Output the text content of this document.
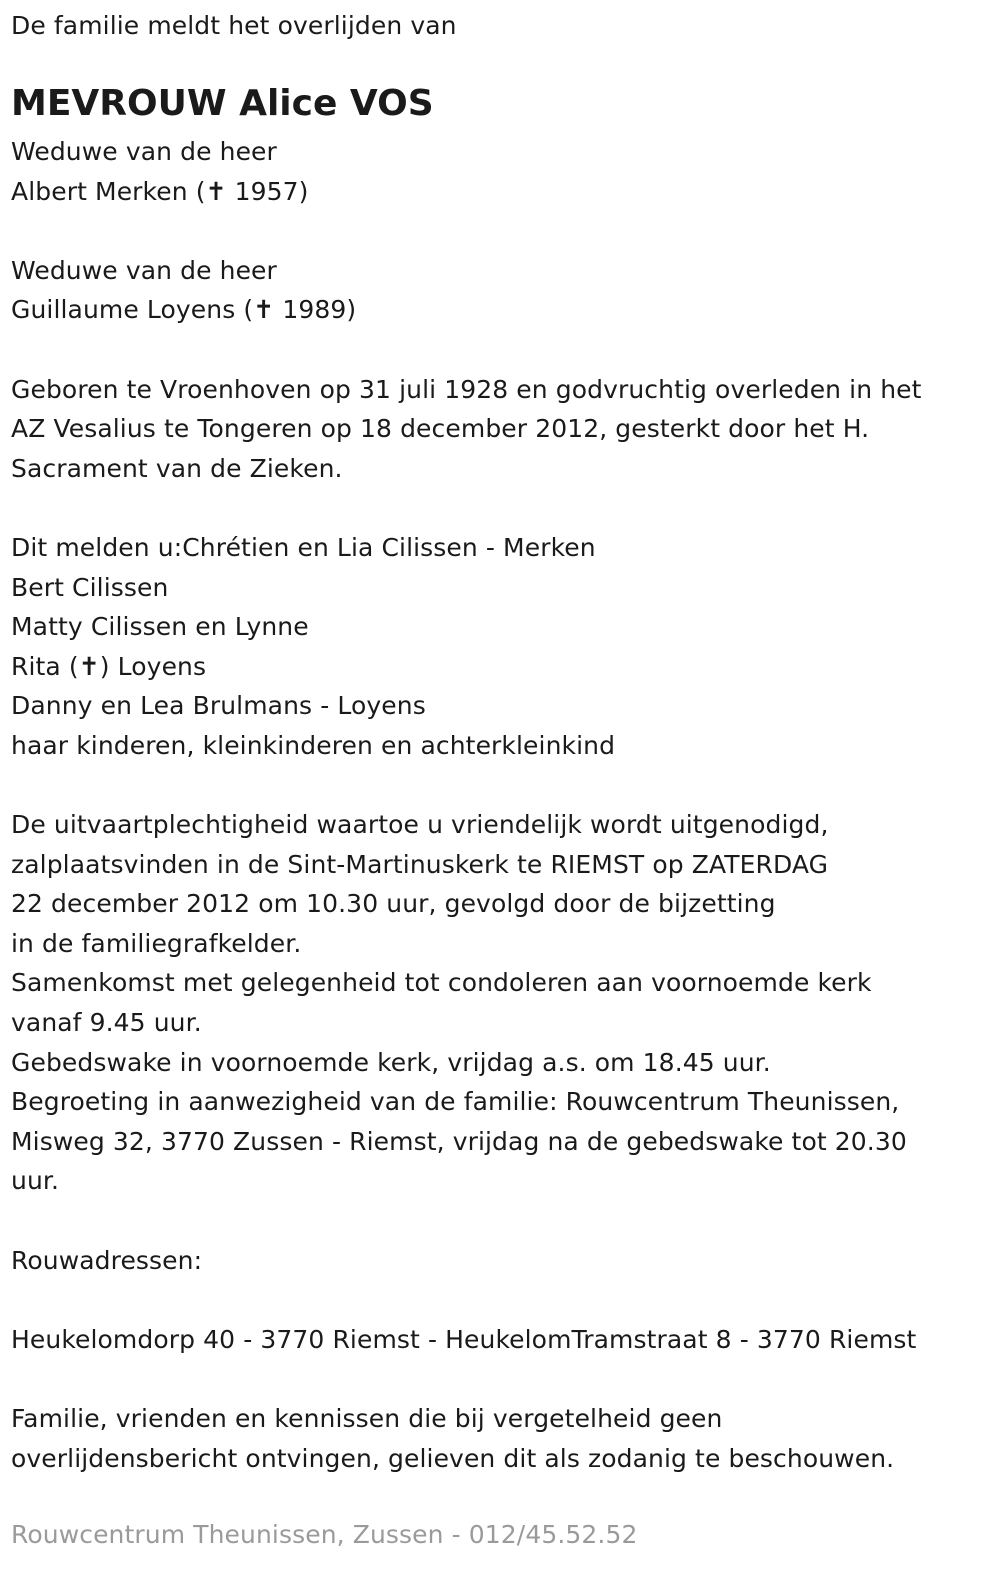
De familie meldt het overlijden van

MEVROUW Alice VOS

Weduwe van de heer

Albert Merken (✝ 1957)

Weduwe van de heer

Guillaume Loyens (✝ 1989)

Geboren te Vroenhoven op 31 juli 1928 en godvruchtig overleden in het

AZ Vesalius te Tongeren op 18 december 2012, gesterkt door het H.

Sacrament van de Zieken.

Dit melden u:Chrétien en Lia Cilissen - Merken

Bert Cilissen

Matty Cilissen en Lynne

Rita (✝) Loyens

Danny en Lea Brulmans - Loyens

haar kinderen, kleinkinderen en achterkleinkind

De uitvaartplechtigheid waartoe u vriendelijk wordt uitgenodigd,

zalplaatsvinden in de Sint-Martinuskerk te RIEMST op ZATERDAG

22 december 2012 om 10.30 uur, gevolgd door de bijzetting

in de familiegrafkelder.

Samenkomst met gelegenheid tot condoleren aan voornoemde kerk

vanaf 9.45 uur.

Gebedswake in voornoemde kerk, vrijdag a.s. om 18.45 uur.

Begroeting in aanwezigheid van de familie: Rouwcentrum Theunissen,

Misweg 32, 3770 Zussen - Riemst, vrijdag na de gebedswake tot 20.30

uur.

Rouwadressen:

Heukelomdorp 40 - 3770 Riemst - HeukelomTramstraat 8 - 3770 Riemst

Familie, vrienden en kennissen die bij vergetelheid geen

overlijdensbericht ontvingen, gelieven dit als zodanig te beschouwen.

Rouwcentrum Theunissen, Zussen - 012/45.52.52
